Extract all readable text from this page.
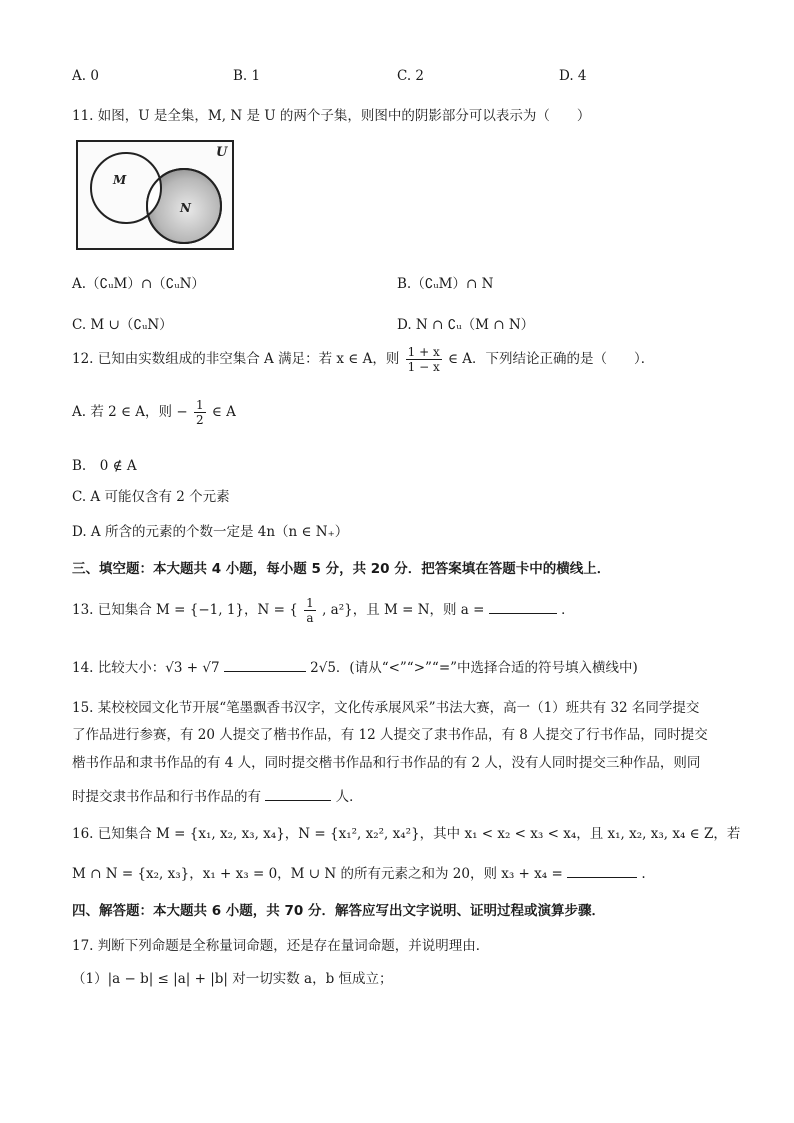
A. 0	B. 1	C. 2	D. 4
11. 如图，U 是全集，M, N 是 U 的两个子集，则图中的阴影部分可以表示为（　　）
U
M
N
A.（∁ᵤM）∩（∁ᵤN）	B.（∁ᵤM）∩ N
C. M ∪（∁ᵤN）	D. N ∩ ∁ᵤ（M ∩ N）
12. 已知由实数组成的非空集合 A 满足：若 x ∈ A，则 $\frac{1 + x}{1 - x}$ ∈ A．下列结论正确的是（　　）．
A. 若 2 ∈ A，则 − $\frac{1}{2}$ ∈ A
B.　0 ∉ A
C. A 可能仅含有 2 个元素
D. A 所含的元素的个数一定是 4n（n ∈ N₊）
三、填空题：本大题共 4 小题，每小题 5 分，共 20 分．把答案填在答题卡中的横线上．
13. 已知集合 M = {−1, 1}，N = { $\frac{1}{a}$ , a²}，且 M = N，则 a =	．
14. 比较大小：√3 + √7	2√5．(请从“<”“>”“=”中选择合适的符号填入横线中)
15. 某校校园文化节开展“笔墨飘香书汉字，文化传承展风采”书法大赛，高一（1）班共有 32 名同学提交
了作品进行参赛，有 20 人提交了楷书作品，有 12 人提交了隶书作品，有 8 人提交了行书作品，同时提交
楷书作品和隶书作品的有 4 人，同时提交楷书作品和行书作品的有 2 人，没有人同时提交三种作品，则同
时提交隶书作品和行书作品的有	人．
16. 已知集合 M = {x₁, x₂, x₃, x₄}，N = {x₁², x₂², x₄²}，其中 x₁ < x₂ < x₃ < x₄，且 x₁, x₂, x₃, x₄ ∈ Z，若
M ∩ N = {x₂, x₃}，x₁ + x₃ = 0，M ∪ N 的所有元素之和为 20，则 x₃ + x₄ =	.
四、解答题：本大题共 6 小题，共 70 分．解答应写出文字说明、证明过程或演算步骤．
17. 判断下列命题是全称量词命题，还是存在量词命题，并说明理由．
（1）|a − b| ≤ |a| + |b| 对一切实数 a，b 恒成立；
